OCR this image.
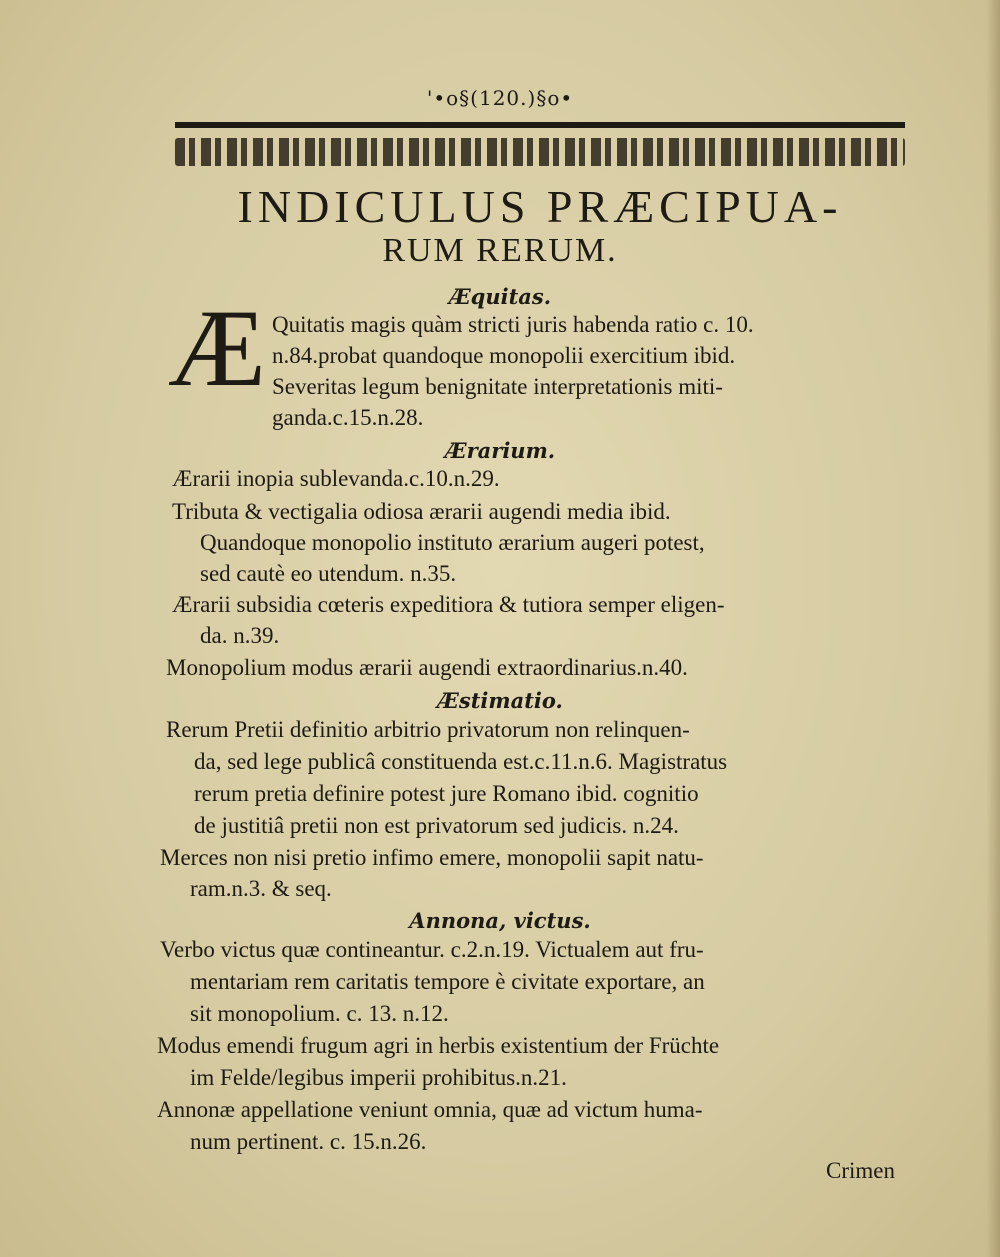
'•o§(120.)§o•
INDICULUS PRÆCIPUA-
RUM RERUM.
Æquitas.
Æ Quitatis magis quàm stricti juris habenda ratio c. 10.
n.84.probat quandoque monopolii exercitium ibid.
Severitas legum benignitate interpretationis miti-
ganda.c.15.n.28.
Ærarium.
Ærarii inopia sublevanda.c.10.n.29.
Tributa & vectigalia odiosa ærarii augendi media ibid.
Quandoque monopolio instituto ærarium augeri potest,
sed cautè eo utendum. n.35.
Ærarii subsidia cœteris expeditiora & tutiora semper eligen-
da. n.39.
Monopolium modus ærarii augendi extraordinarius.n.40.
Æstimatio.
Rerum Pretii definitio arbitrio privatorum non relinquen-
da, sed lege publicâ constituenda est.c.11.n.6. Magistratus
rerum pretia definire potest jure Romano ibid. cognitio
de justitiâ pretii non est privatorum sed judicis. n.24.
Merces non nisi pretio infimo emere, monopolii sapit natu-
ram.n.3. & seq.
Annona, victus.
Verbo victus quæ contineantur. c.2.n.19. Victualem aut fru-
mentariam rem caritatis tempore è civitate exportare, an
sit monopolium. c. 13. n.12.
Modus emendi frugum agri in herbis existentium der Früchte
im Felde/legibus imperii prohibitus.n.21.
Annonæ appellatione veniunt omnia, quæ ad victum huma-
num pertinent. c. 15.n.26.
Crimen
